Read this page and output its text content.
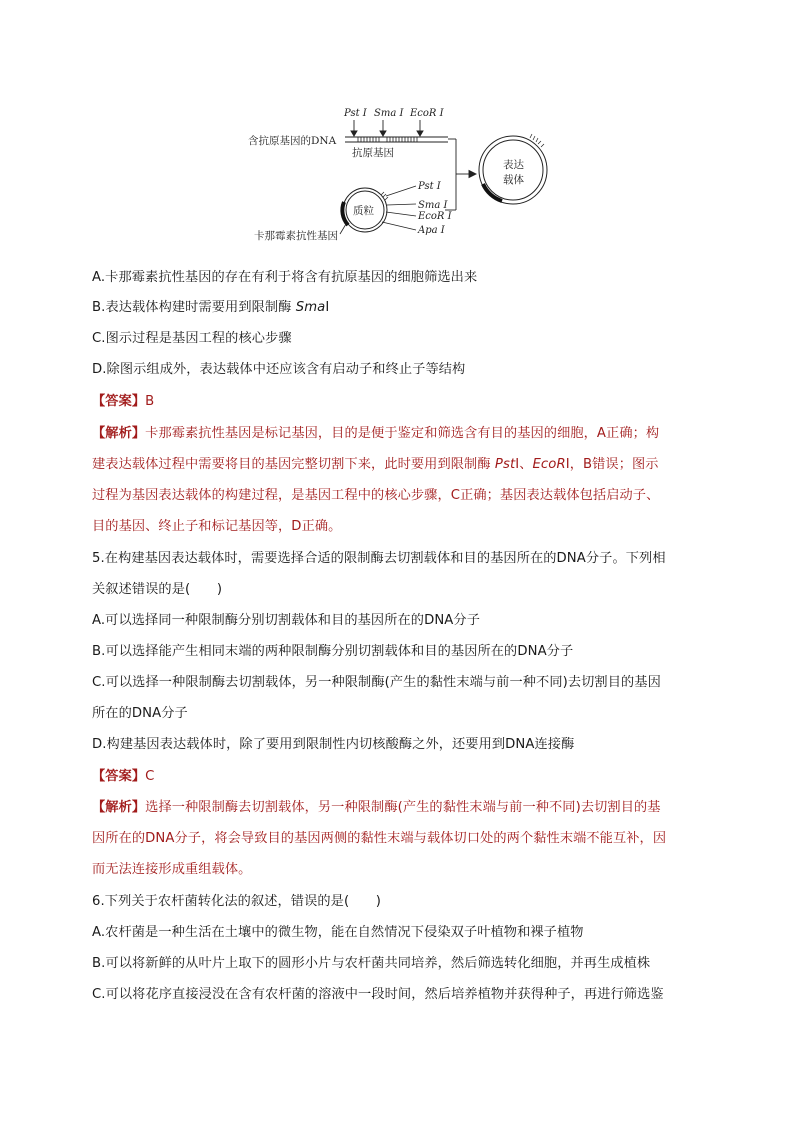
Pst Ⅰ Sma Ⅰ EcoR Ⅰ
含抗原基因的DNA
抗原基因
质粒
Pst Ⅰ
Sma Ⅰ
EcoR Ⅰ
Apa Ⅰ
卡那霉素抗性基因
表达
载体
A.卡那霉素抗性基因的存在有利于将含有抗原基因的细胞筛选出来
B.表达载体构建时需要用到限制酶 SmaⅠ
C.图示过程是基因工程的核心步骤
D.除图示组成外，表达载体中还应该含有启动子和终止子等结构
【答案】B
【解析】卡那霉素抗性基因是标记基因，目的是便于鉴定和筛选含有目的基因的细胞，A正确；构
建表达载体过程中需要将目的基因完整切割下来，此时要用到限制酶 PstⅠ、EcoRⅠ，B错误；图示
过程为基因表达载体的构建过程，是基因工程中的核心步骤，C正确；基因表达载体包括启动子、
目的基因、终止子和标记基因等，D正确。
5.在构建基因表达载体时，需要选择合适的限制酶去切割载体和目的基因所在的DNA分子。下列相
关叙述错误的是(　　)
A.可以选择同一种限制酶分别切割载体和目的基因所在的DNA分子
B.可以选择能产生相同末端的两种限制酶分别切割载体和目的基因所在的DNA分子
C.可以选择一种限制酶去切割载体，另一种限制酶(产生的黏性末端与前一种不同)去切割目的基因
所在的DNA分子
D.构建基因表达载体时，除了要用到限制性内切核酸酶之外，还要用到DNA连接酶
【答案】C
【解析】选择一种限制酶去切割载体，另一种限制酶(产生的黏性末端与前一种不同)去切割目的基
因所在的DNA分子，将会导致目的基因两侧的黏性末端与载体切口处的两个黏性末端不能互补，因
而无法连接形成重组载体。
6.下列关于农杆菌转化法的叙述，错误的是(　　)
A.农杆菌是一种生活在土壤中的微生物，能在自然情况下侵染双子叶植物和裸子植物
B.可以将新鲜的从叶片上取下的圆形小片与农杆菌共同培养，然后筛选转化细胞，并再生成植株
C.可以将花序直接浸没在含有农杆菌的溶液中一段时间，然后培养植物并获得种子，再进行筛选鉴
